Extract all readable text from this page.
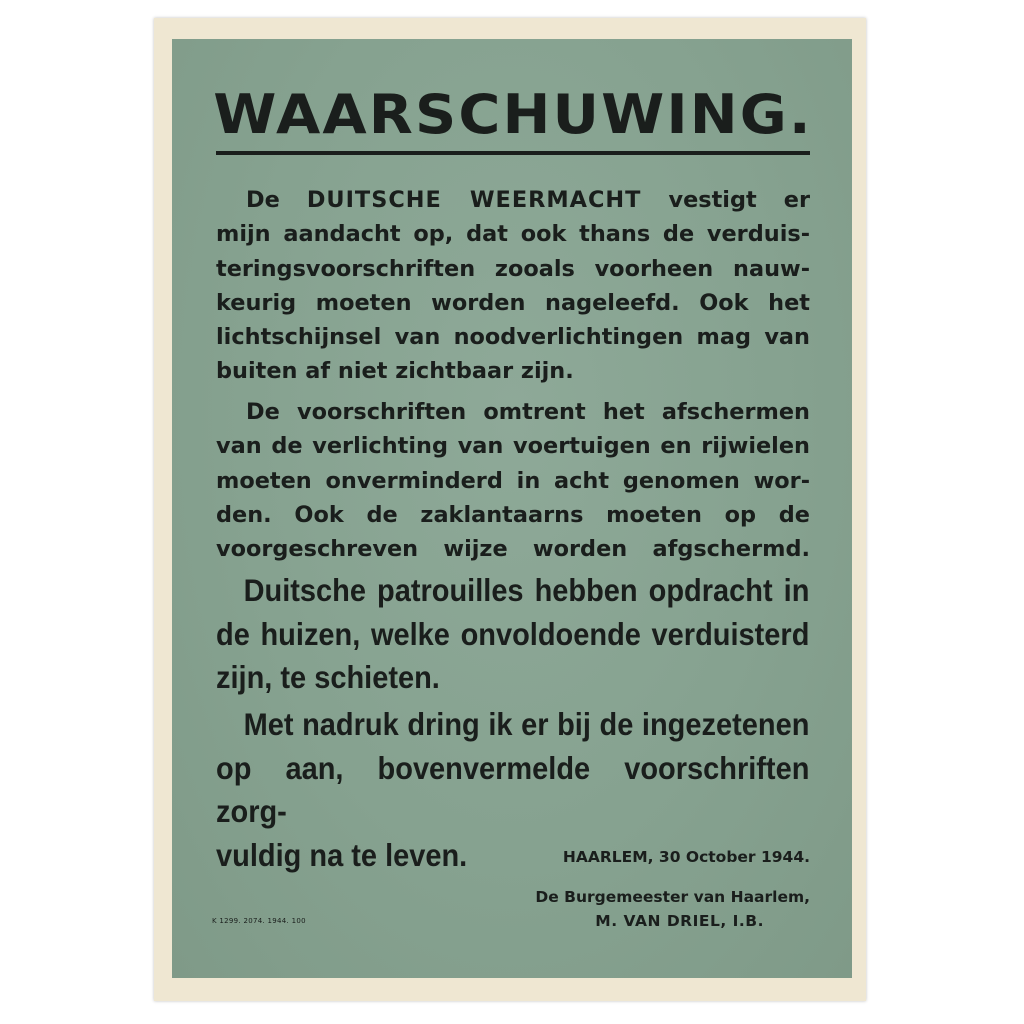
WAARSCHUWING.
De DUITSCHE WEERMACHT vestigt er
mijn aandacht op, dat ook thans de verduis-
teringsvoorschriften zooals voorheen nauw-
keurig moeten worden nageleefd. Ook het
lichtschijnsel van noodverlichtingen mag van
buiten af niet zichtbaar zijn.
De voorschriften omtrent het afschermen
van de verlichting van voertuigen en rijwielen
moeten onverminderd in acht genomen wor-
den. Ook de zaklantaarns moeten op de
voorgeschreven wijze worden afgschermd.
Duitsche patrouilles hebben opdracht in
de huizen, welke onvoldoende verduisterd
zijn, te schieten.
Met nadruk dring ik er bij de ingezetenen
op aan, bovenvermelde voorschriften zorg-
vuldig na te leven.	HAARLEM, 30 October 1944.
De Burgemeester van Haarlem,
M. VAN DRIEL, I.B.
K 1299. 2074. 1944. 100
